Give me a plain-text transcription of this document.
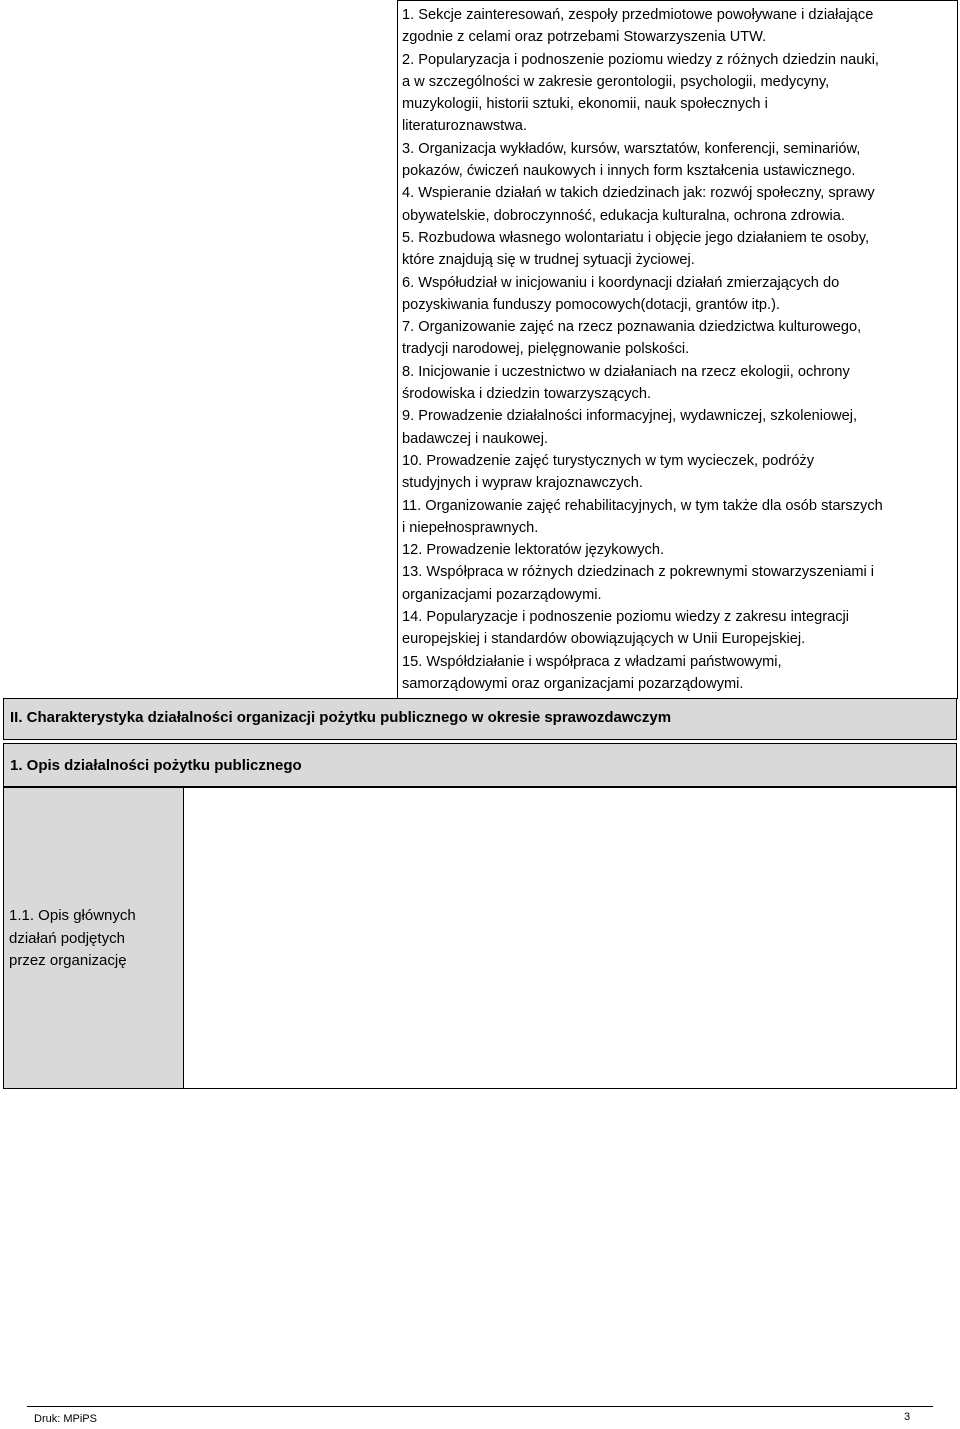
1. Sekcje zainteresowań, zespoły przedmiotowe powoływane i działające
zgodnie z celami oraz potrzebami Stowarzyszenia UTW.
2. Popularyzacja i podnoszenie poziomu wiedzy z różnych dziedzin nauki,
a w szczególności w zakresie gerontologii, psychologii, medycyny,
muzykologii, historii sztuki, ekonomii, nauk społecznych i
literaturoznawstwa.
3. Organizacja wykładów, kursów, warsztatów, konferencji, seminariów,
pokazów, ćwiczeń naukowych i innych form kształcenia ustawicznego.
4. Wspieranie działań w takich dziedzinach jak: rozwój społeczny, sprawy
obywatelskie, dobroczynność, edukacja kulturalna, ochrona zdrowia.
5. Rozbudowa własnego wolontariatu i objęcie jego działaniem te osoby,
które znajdują się w trudnej sytuacji życiowej.
6. Współudział w inicjowaniu i koordynacji działań zmierzających do
pozyskiwania funduszy pomocowych(dotacji, grantów itp.).
7. Organizowanie zajęć na rzecz poznawania dziedzictwa kulturowego,
tradycji narodowej, pielęgnowanie polskości.
8. Inicjowanie i uczestnictwo w działaniach na rzecz ekologii, ochrony
środowiska i dziedzin towarzyszących.
9. Prowadzenie działalności informacyjnej, wydawniczej, szkoleniowej,
badawczej i naukowej.
10. Prowadzenie zajęć turystycznych w tym wycieczek, podróży
studyjnych i wypraw krajoznawczych.
11. Organizowanie zajęć rehabilitacyjnych, w tym także dla osób starszych
i niepełnosprawnych.
12. Prowadzenie lektoratów językowych.
13. Współpraca w różnych dziedzinach z pokrewnymi stowarzyszeniami i
organizacjami pozarządowymi.
14. Popularyzacje i podnoszenie poziomu wiedzy z zakresu integracji
europejskiej i standardów obowiązujących w Unii Europejskiej.
15. Współdziałanie i współpraca z władzami państwowymi,
samorządowymi oraz organizacjami pozarządowymi.
II. Charakterystyka działalności organizacji pożytku publicznego w okresie sprawozdawczym
1. Opis działalności pożytku publicznego
1.1. Opis głównych
działań podjętych
przez organizację
Druk: MPiPS	3
